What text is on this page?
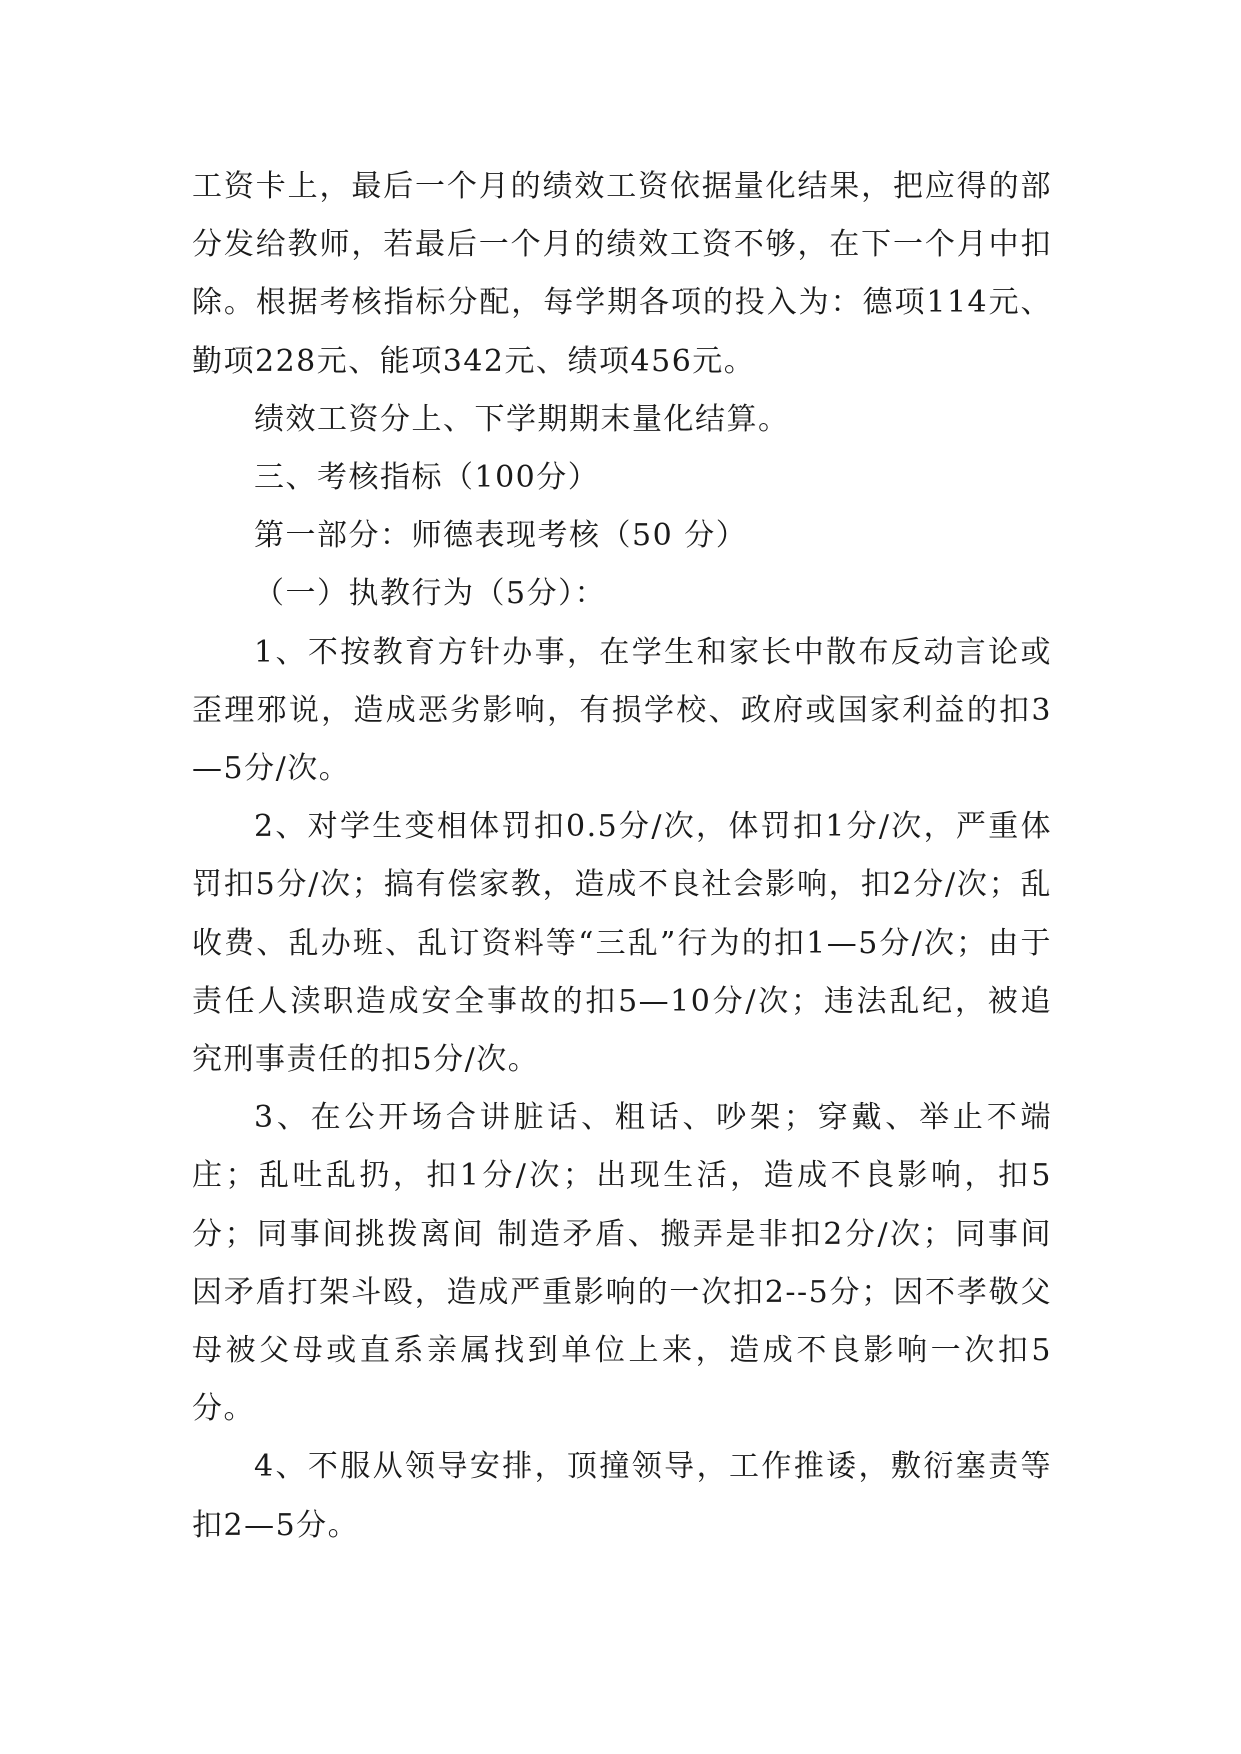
工资卡上，最后一个月的绩效工资依据量化结果，把应得的部分发给教师，若最后一个月的绩效工资不够，在下一个月中扣除。根据考核指标分配，每学期各项的投入为：德项114元、勤项228元、能项342元、绩项456元。

绩效工资分上、下学期期末量化结算。

三、考核指标（100分）

第一部分：师德表现考核（50 分）

（一）执教行为（5分）：

1、不按教育方针办事，在学生和家长中散布反动言论或歪理邪说，造成恶劣影响，有损学校、政府或国家利益的扣3—5分/次。

2、对学生变相体罚扣0.5分/次，体罚扣1分/次，严重体罚扣5分/次；搞有偿家教，造成不良社会影响，扣2分/次；乱收费、乱办班、乱订资料等“三乱”行为的扣1—5分/次；由于责任人渎职造成安全事故的扣5—10分/次；违法乱纪，被追究刑事责任的扣5分/次。

3、在公开场合讲脏话、粗话、吵架；穿戴、举止不端庄；乱吐乱扔，扣1分/次；出现生活，造成不良影响，扣5分；同事间挑拨离间 制造矛盾、搬弄是非扣2分/次；同事间因矛盾打架斗殴，造成严重影响的一次扣2--5分；因不孝敬父母被父母或直系亲属找到单位上来，造成不良影响一次扣5分。

4、不服从领导安排，顶撞领导，工作推诿，敷衍塞责等扣2—5分。
